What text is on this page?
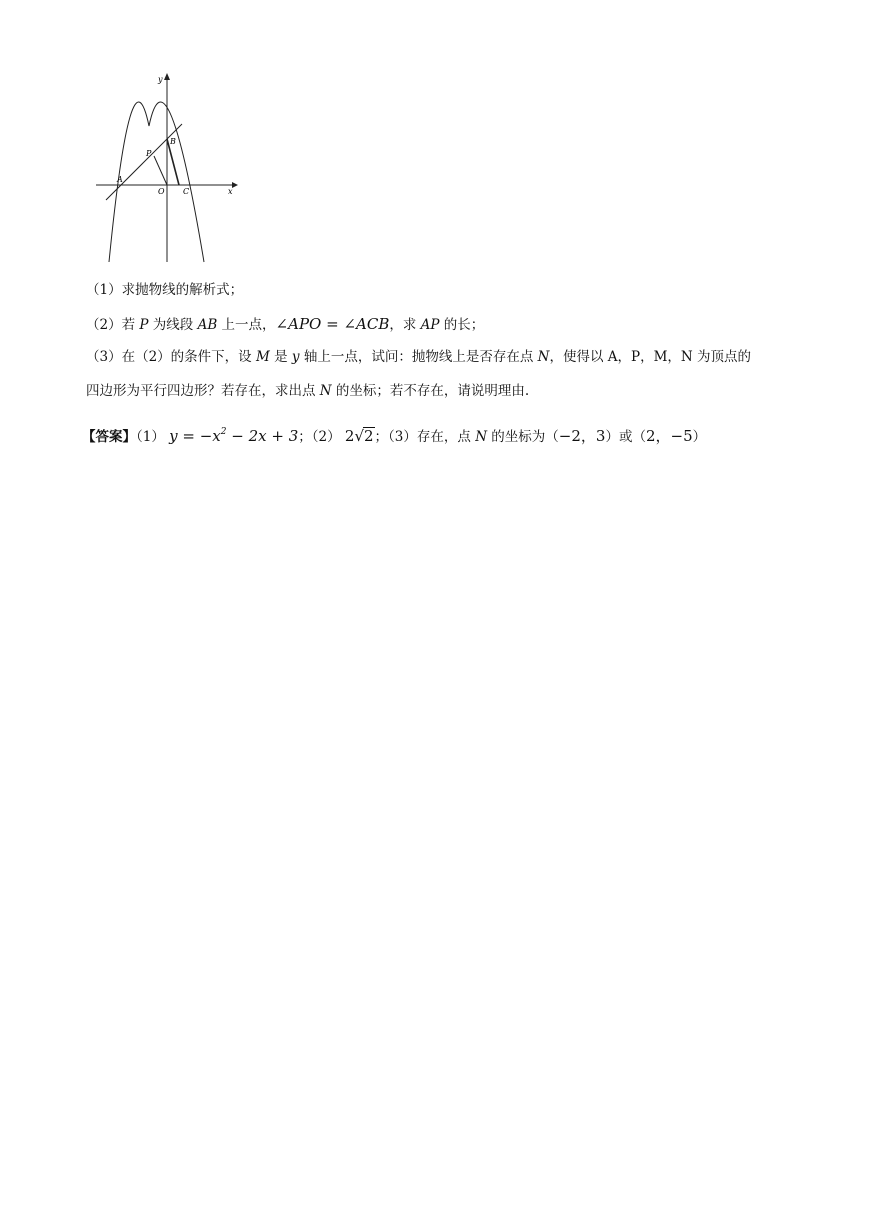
y
x
A
B
C
O
P
（1）求抛物线的解析式；
（2）若 P 为线段 AB 上一点，∠APO = ∠ACB，求 AP 的长；
（3）在（2）的条件下，设 M 是 y 轴上一点，试问：抛物线上是否存在点 N，使得以 A，P，M，N 为顶点的
四边形为平行四边形？若存在，求出点 N 的坐标；若不存在，请说明理由.
【答案】（1） $y = -x^2 - 2x + 3$；（2） 2√2；（3）存在，点 N 的坐标为（−2，3）或（2，−5）
